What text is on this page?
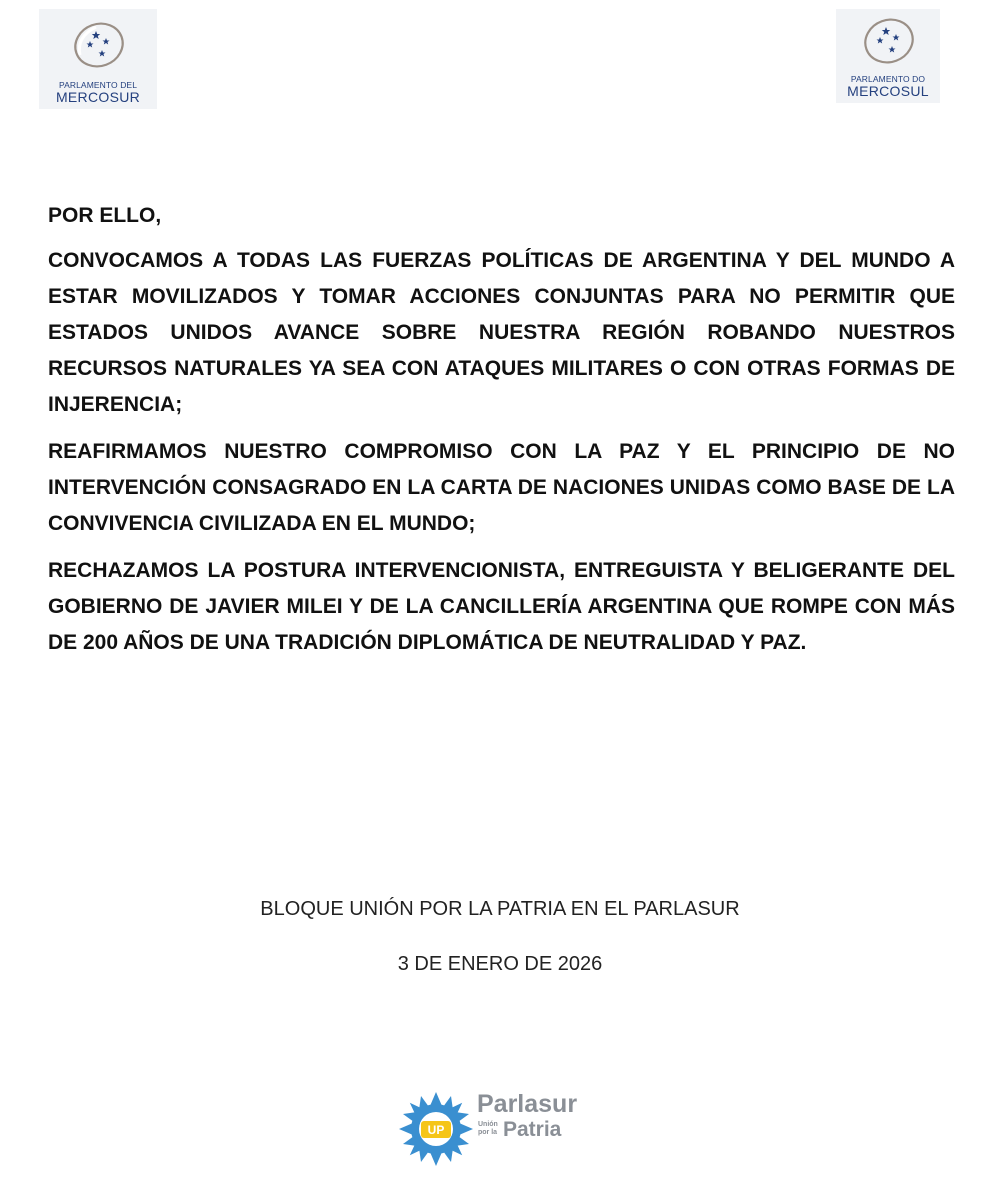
PARLAMENTO DEL
MERCOSUR
PARLAMENTO DO
MERCOSUL

POR ELLO,

CONVOCAMOS A TODAS LAS FUERZAS POLÍTICAS DE ARGENTINA Y DEL MUNDO A ESTAR MOVILIZADOS Y TOMAR ACCIONES CONJUNTAS PARA NO PERMITIR QUE ESTADOS UNIDOS AVANCE SOBRE NUESTRA REGIÓN ROBANDO NUESTROS RECURSOS NATURALES YA SEA CON ATAQUES MILITARES O CON OTRAS FORMAS DE INJERENCIA;

REAFIRMAMOS NUESTRO COMPROMISO CON LA PAZ Y EL PRINCIPIO DE NO INTERVENCIÓN CONSAGRADO EN LA CARTA DE NACIONES UNIDAS COMO BASE DE LA CONVIVENCIA CIVILIZADA EN EL MUNDO;

RECHAZAMOS LA POSTURA INTERVENCIONISTA, ENTREGUISTA Y BELIGERANTE DEL GOBIERNO DE JAVIER MILEI Y DE LA CANCILLERÍA ARGENTINA QUE ROMPE CON MÁS DE 200 AÑOS DE UNA TRADICIÓN DIPLOMÁTICA DE NEUTRALIDAD Y PAZ.

BLOQUE UNIÓN POR LA PATRIA EN EL PARLASUR
3 DE ENERO DE 2026
UP
Parlasur
Unión
por la Patria
